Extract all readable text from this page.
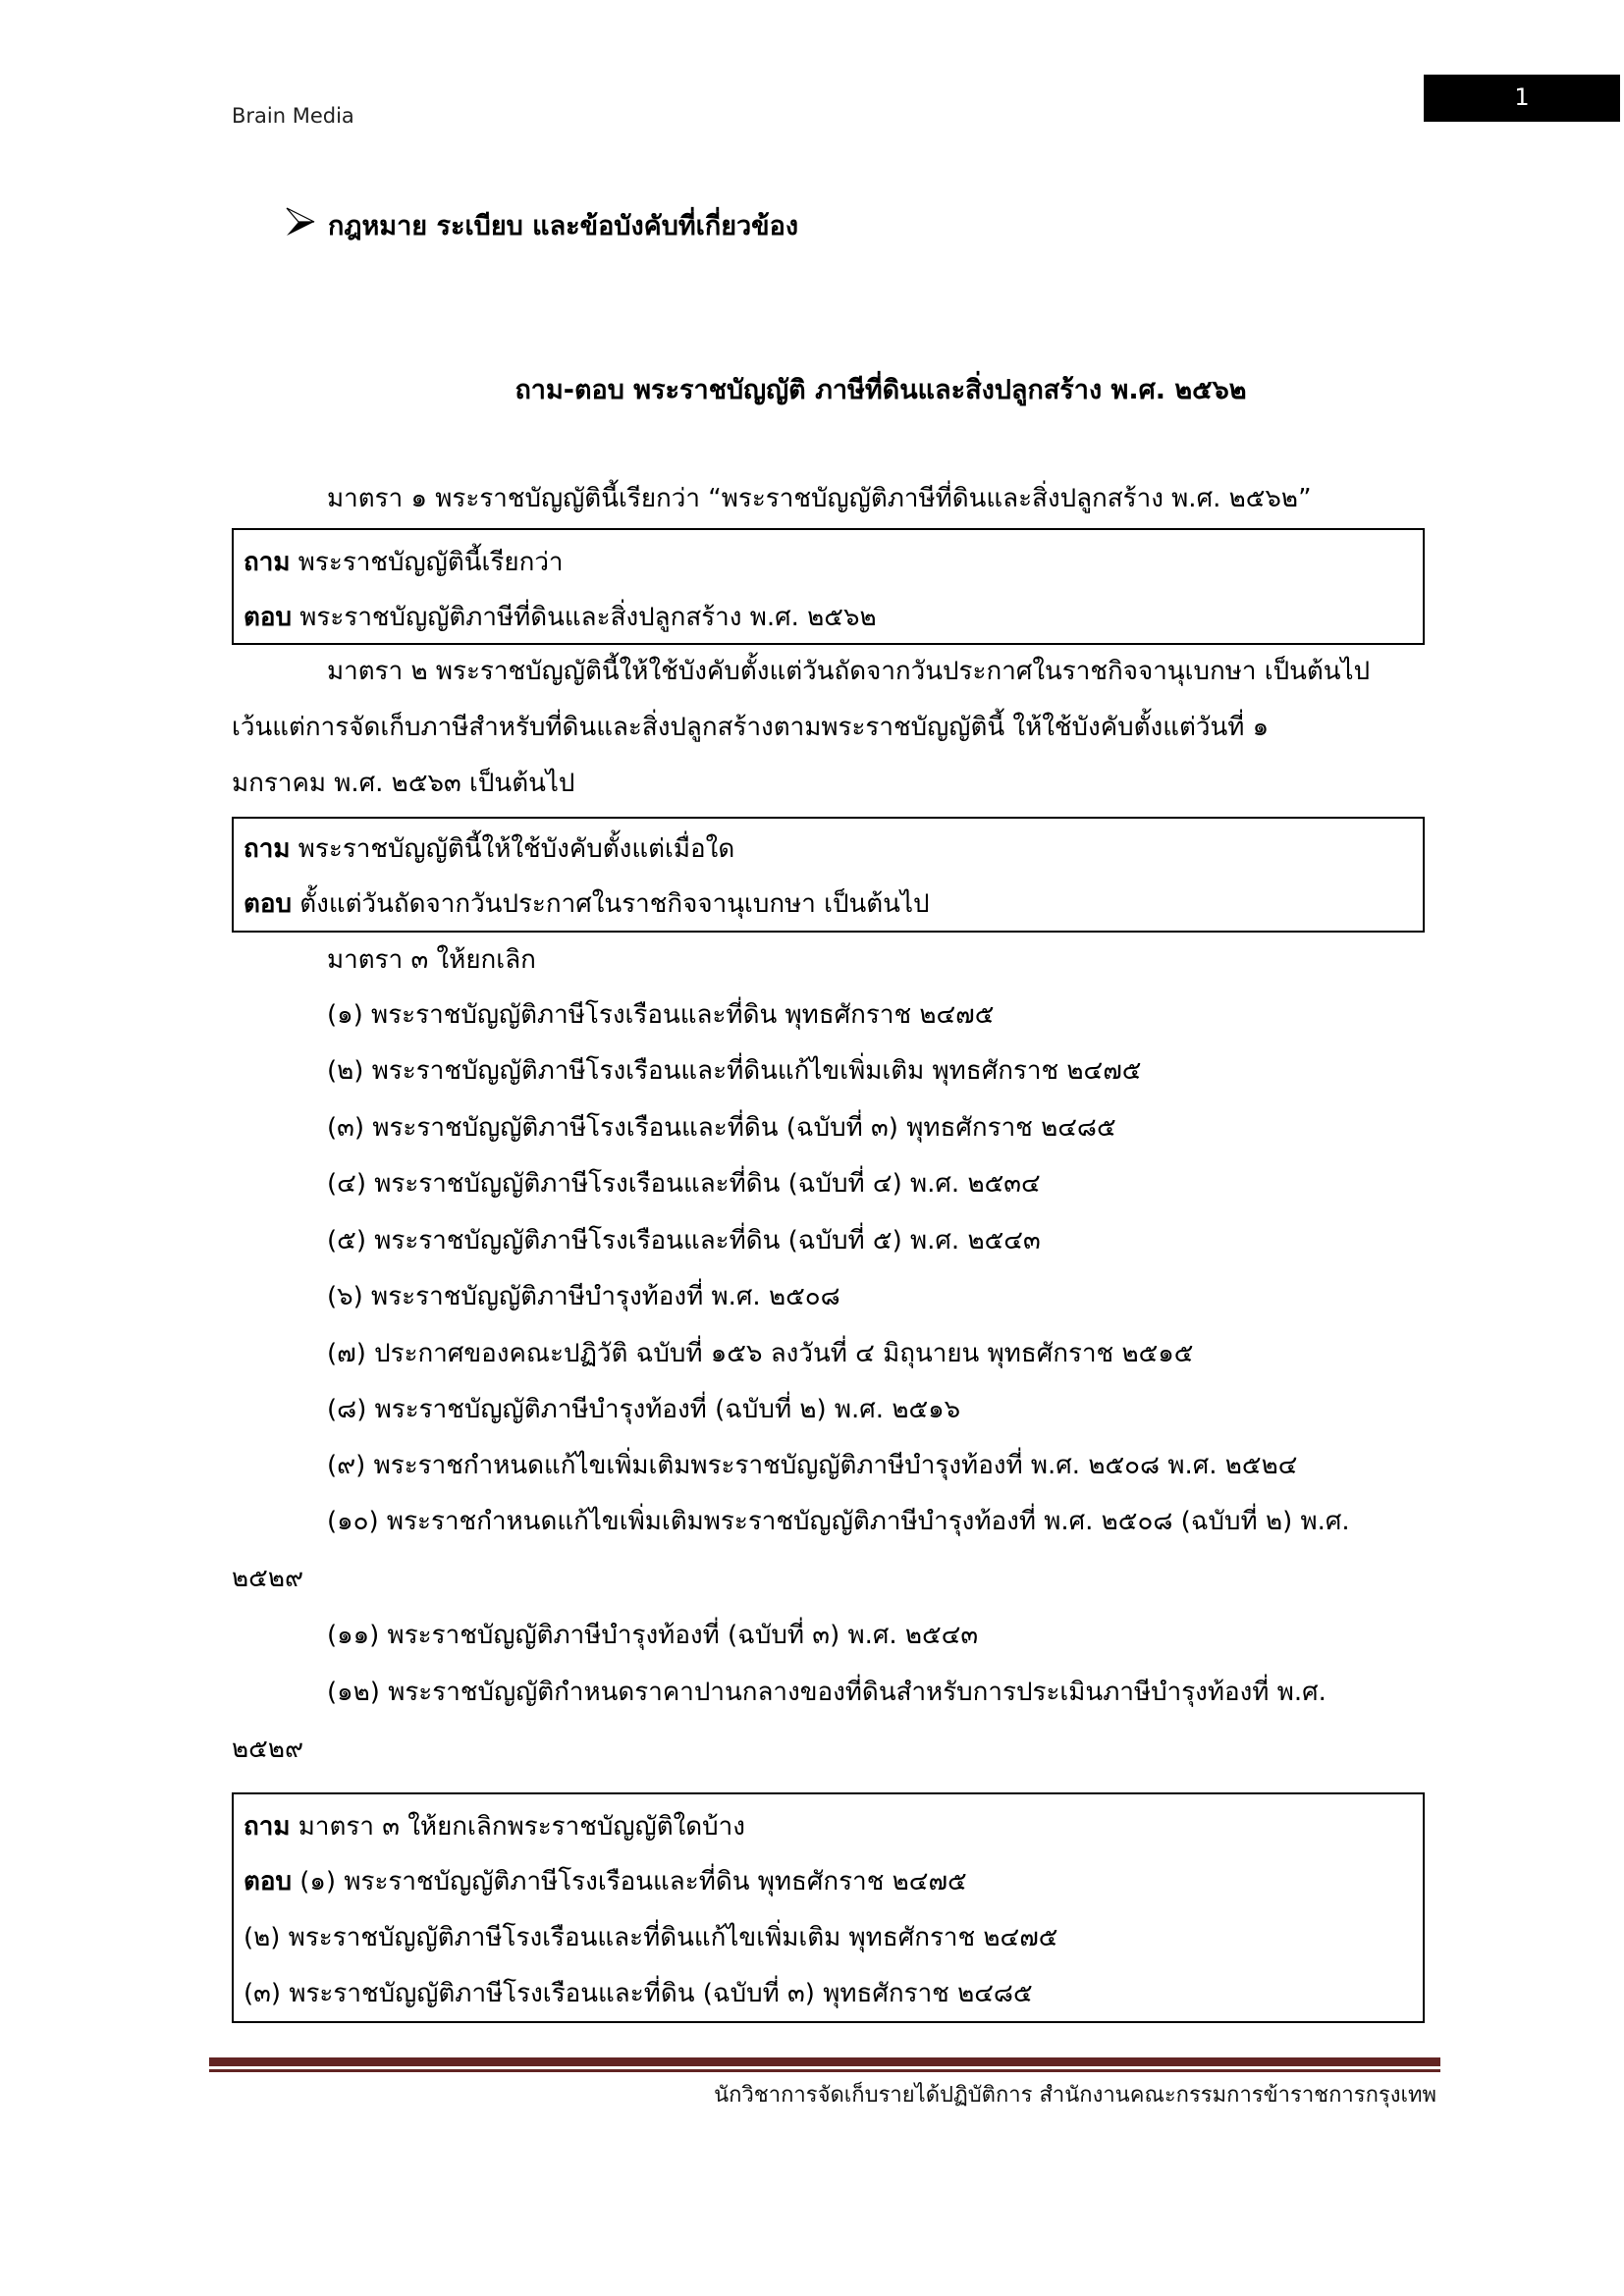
Brain Media
1
กฎหมาย ระเบียบ และข้อบังคับที่เกี่ยวข้อง
ถาม-ตอบ พระราชบัญญัติ ภาษีที่ดินและสิ่งปลูกสร้าง พ.ศ. ๒๕๖๒
มาตรา ๑ พระราชบัญญัตินี้เรียกว่า “พระราชบัญญัติภาษีที่ดินและสิ่งปลูกสร้าง พ.ศ. ๒๕๖๒”
ถาม พระราชบัญญัตินี้เรียกว่า
ตอบ พระราชบัญญัติภาษีที่ดินและสิ่งปลูกสร้าง พ.ศ. ๒๕๖๒
มาตรา ๒ พระราชบัญญัตินี้ให้ใช้บังคับตั้งแต่วันถัดจากวันประกาศในราชกิจจานุเบกษา เป็นต้นไป
เว้นแต่การจัดเก็บภาษีสำหรับที่ดินและสิ่งปลูกสร้างตามพระราชบัญญัตินี้ ให้ใช้บังคับตั้งแต่วันที่ ๑
มกราคม พ.ศ. ๒๕๖๓ เป็นต้นไป
ถาม พระราชบัญญัตินี้ให้ใช้บังคับตั้งแต่เมื่อใด
ตอบ ตั้งแต่วันถัดจากวันประกาศในราชกิจจานุเบกษา เป็นต้นไป
มาตรา ๓ ให้ยกเลิก
(๑) พระราชบัญญัติภาษีโรงเรือนและที่ดิน พุทธศักราช ๒๔๗๕
(๒) พระราชบัญญัติภาษีโรงเรือนและที่ดินแก้ไขเพิ่มเติม พุทธศักราช ๒๔๗๕
(๓) พระราชบัญญัติภาษีโรงเรือนและที่ดิน (ฉบับที่ ๓) พุทธศักราช ๒๔๘๕
(๔) พระราชบัญญัติภาษีโรงเรือนและที่ดิน (ฉบับที่ ๔) พ.ศ. ๒๕๓๔
(๕) พระราชบัญญัติภาษีโรงเรือนและที่ดิน (ฉบับที่ ๕) พ.ศ. ๒๕๔๓
(๖) พระราชบัญญัติภาษีบำรุงท้องที่ พ.ศ. ๒๕๐๘
(๗) ประกาศของคณะปฏิวัติ ฉบับที่ ๑๕๖ ลงวันที่ ๔ มิถุนายน พุทธศักราช ๒๕๑๕
(๘) พระราชบัญญัติภาษีบำรุงท้องที่ (ฉบับที่ ๒) พ.ศ. ๒๕๑๖
(๙) พระราชกำหนดแก้ไขเพิ่มเติมพระราชบัญญัติภาษีบำรุงท้องที่ พ.ศ. ๒๕๐๘ พ.ศ. ๒๕๒๔
(๑๐) พระราชกำหนดแก้ไขเพิ่มเติมพระราชบัญญัติภาษีบำรุงท้องที่ พ.ศ. ๒๕๐๘ (ฉบับที่ ๒) พ.ศ.
๒๕๒๙
(๑๑) พระราชบัญญัติภาษีบำรุงท้องที่ (ฉบับที่ ๓) พ.ศ. ๒๕๔๓
(๑๒) พระราชบัญญัติกำหนดราคาปานกลางของที่ดินสำหรับการประเมินภาษีบำรุงท้องที่ พ.ศ.
๒๕๒๙
ถาม มาตรา ๓ ให้ยกเลิกพระราชบัญญัติใดบ้าง
ตอบ (๑) พระราชบัญญัติภาษีโรงเรือนและที่ดิน พุทธศักราช ๒๔๗๕
(๒) พระราชบัญญัติภาษีโรงเรือนและที่ดินแก้ไขเพิ่มเติม พุทธศักราช ๒๔๗๕
(๓) พระราชบัญญัติภาษีโรงเรือนและที่ดิน (ฉบับที่ ๓) พุทธศักราช ๒๔๘๕
นักวิชาการจัดเก็บรายได้ปฏิบัติการ สำนักงานคณะกรรมการข้าราชการกรุงเทพ
